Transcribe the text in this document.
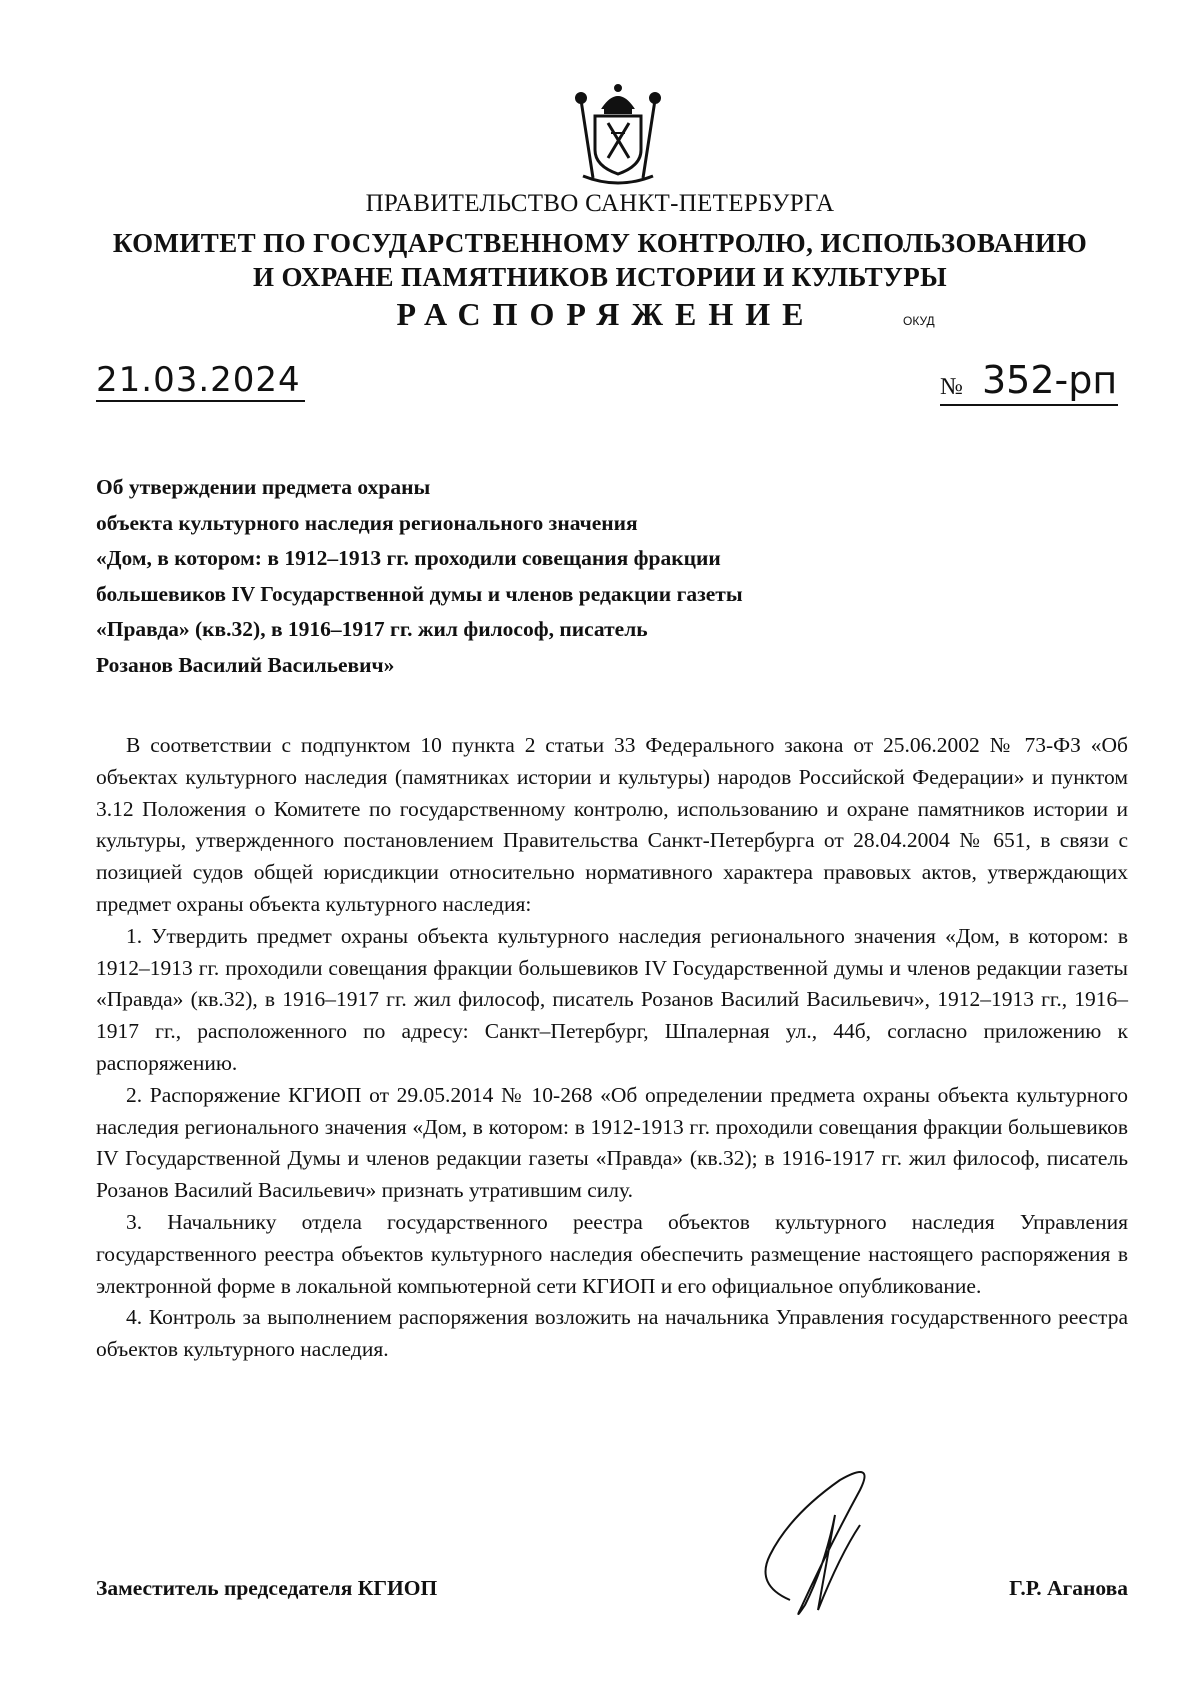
ПРАВИТЕЛЬСТВО САНКТ-ПЕТЕРБУРГА
КОМИТЕТ ПО ГОСУДАРСТВЕННОМУ КОНТРОЛЮ, ИСПОЛЬЗОВАНИЮ
И ОХРАНЕ ПАМЯТНИКОВ ИСТОРИИ И КУЛЬТУРЫ
РАСПОРЯЖЕНИЕ	ОКУД
21.03.2024	№ 352-рп
Об утверждении предмета охраны
объекта культурного наследия регионального значения
«Дом, в котором: в 1912–1913 гг. проходили совещания фракции
большевиков IV Государственной думы и членов редакции газеты
«Правда» (кв.32), в 1916–1917 гг. жил философ, писатель
Розанов Василий Васильевич»

В соответствии с подпунктом 10 пункта 2 статьи 33 Федерального закона от 25.06.2002 № 73-ФЗ «Об объектах культурного наследия (памятниках истории и культуры) народов Российской Федерации» и пунктом 3.12 Положения о Комитете по государственному контролю, использованию и охране памятников истории и культуры, утвержденного постановлением Правительства Санкт-Петербурга от 28.04.2004 № 651, в связи с позицией судов общей юрисдикции относительно нормативного характера правовых актов, утверждающих предмет охраны объекта культурного наследия:

1. Утвердить предмет охраны объекта культурного наследия регионального значения «Дом, в котором: в 1912–1913 гг. проходили совещания фракции большевиков IV Государственной думы и членов редакции газеты «Правда» (кв.32), в 1916–1917 гг. жил философ, писатель Розанов Василий Васильевич», 1912–1913 гг., 1916–1917 гг., расположенного по адресу: Санкт–Петербург, Шпалерная ул., 44б, согласно приложению к распоряжению.

2. Распоряжение КГИОП от 29.05.2014 № 10-268 «Об определении предмета охраны объекта культурного наследия регионального значения «Дом, в котором: в 1912-1913 гг. проходили совещания фракции большевиков IV Государственной Думы и членов редакции газеты «Правда» (кв.32); в 1916-1917 гг. жил философ, писатель Розанов Василий Васильевич» признать утратившим силу.

3. Начальнику отдела государственного реестра объектов культурного наследия Управления государственного реестра объектов культурного наследия обеспечить размещение настоящего распоряжения в электронной форме в локальной компьютерной сети КГИОП и его официальное опубликование.

4. Контроль за выполнением распоряжения возложить на начальника Управления государственного реестра объектов культурного наследия.

Заместитель председателя КГИОП	Г.Р. Аганова
